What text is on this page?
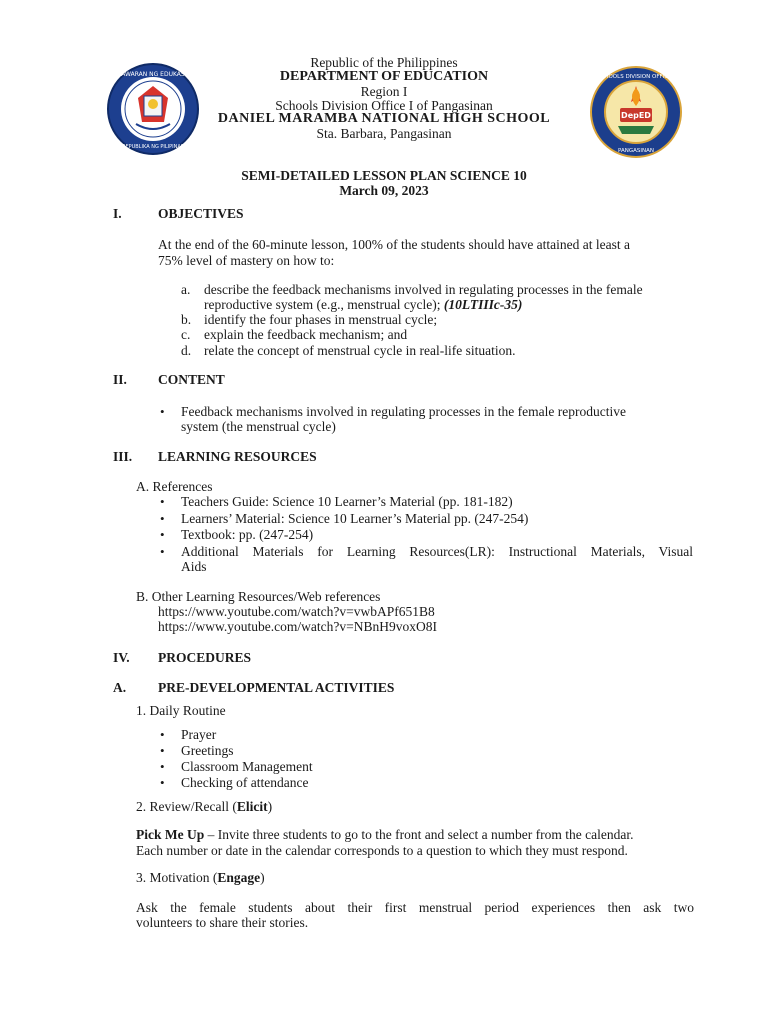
KAGAWARAN NG EDUKASYON
REPUBLIKA NG PILIPINAS
DepED
SCHOOLS DIVISION OFFICE I
PANGASINAN
Republic of the Philippines
DEPARTMENT OF EDUCATION
Region I
Schools Division Office I of Pangasinan
DANIEL MARAMBA NATIONAL HIGH SCHOOL
Sta. Barbara, Pangasinan
SEMI-DETAILED LESSON PLAN SCIENCE 10
March 09, 2023
I.	OBJECTIVES
At the end of the 60-minute lesson, 100% of the students should have attained at least a
75% level of mastery on how to:
a. describe the feedback mechanisms involved in regulating processes in the female
reproductive system (e.g., menstrual cycle); (10LTIIIc-35)
b. identify the four phases in menstrual cycle;
c. explain the feedback mechanism; and
d. relate the concept of menstrual cycle in real-life situation.
II. CONTENT
• Feedback mechanisms involved in regulating processes in the female reproductive
system (the menstrual cycle)
III. LEARNING RESOURCES
A. References
• Teachers Guide: Science 10 Learner’s Material (pp. 181-182)
• Learners’ Material: Science 10 Learner’s Material pp. (247-254)
• Textbook: pp. (247-254)
• Additional Materials for Learning Resources(LR): Instructional Materials, Visual
Aids
B. Other Learning Resources/Web references
https://www.youtube.com/watch?v=vwbAPf651B8
https://www.youtube.com/watch?v=NBnH9voxO8I
IV. PROCEDURES
A. PRE-DEVELOPMENTAL ACTIVITIES
1. Daily Routine
• Prayer
• Greetings
• Classroom Management
• Checking of attendance
2. Review/Recall (Elicit)
Pick Me Up – Invite three students to go to the front and select a number from the calendar.
Each number or date in the calendar corresponds to a question to which they must respond.
3. Motivation (Engage)
Ask the female students about their first menstrual period experiences then ask two
volunteers to share their stories.
